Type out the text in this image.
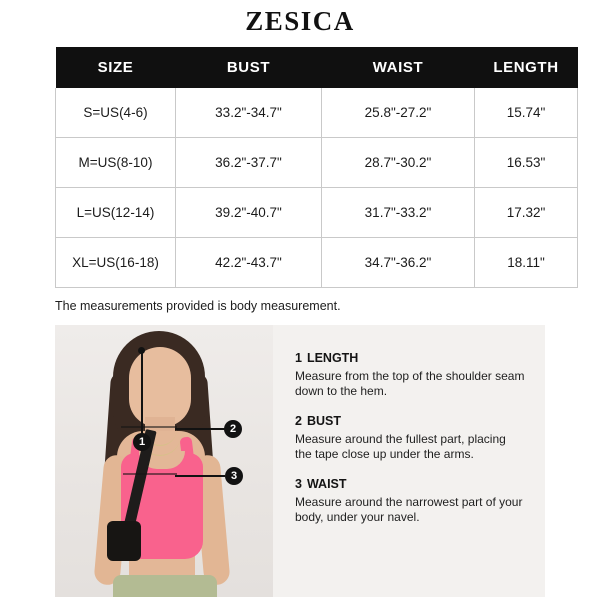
ZESICA
SIZE	BUST	WAIST	LENGTH
S=US(4-6)	33.2"-34.7"	25.8"-27.2"	15.74"
M=US(8-10)	36.2"-37.7"	28.7"-30.2"	16.53"
L=US(12-14)	39.2"-40.7"	31.7"-33.2"	17.32"
XL=US(16-18)	42.2"-43.7"	34.7"-36.2"	18.11"
The measurements provided is body measurement.
1
2
3
1 LENGTH
Measure from the top of the shoulder seam down to the hem.
2 BUST
Measure around the fullest part, placing the tape close up under the arms.
3 WAIST
Measure around the narrowest part of your body, under your navel.
